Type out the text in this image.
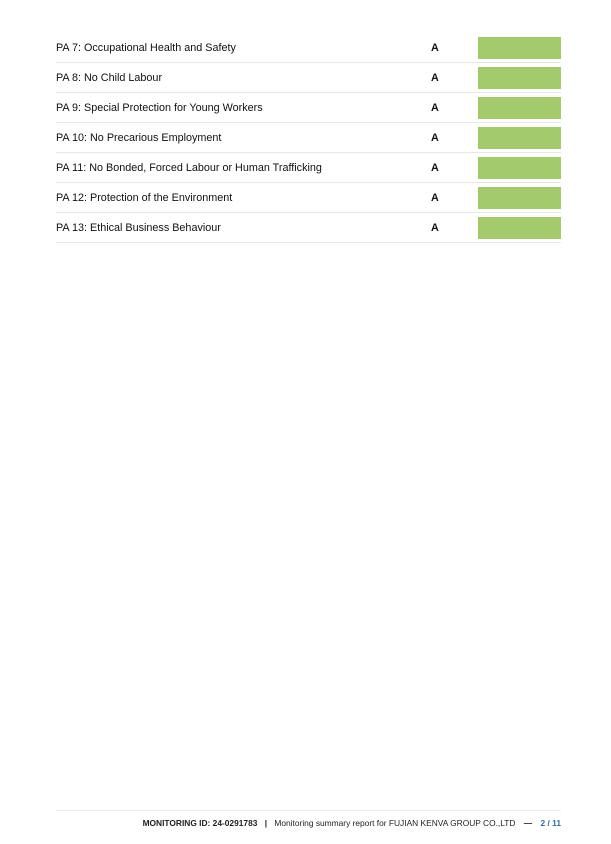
PA 7: Occupational Health and Safety	A
PA 8: No Child Labour	A
PA 9: Special Protection for Young Workers	A
PA 10: No Precarious Employment	A
PA 11: No Bonded, Forced Labour or Human Trafficking	A
PA 12: Protection of the Environment	A
PA 13: Ethical Business Behaviour	A
MONITORING ID: 24-0291783 | Monitoring summary report for FUJIAN KENVA GROUP CO.,LTD — 2 / 11
